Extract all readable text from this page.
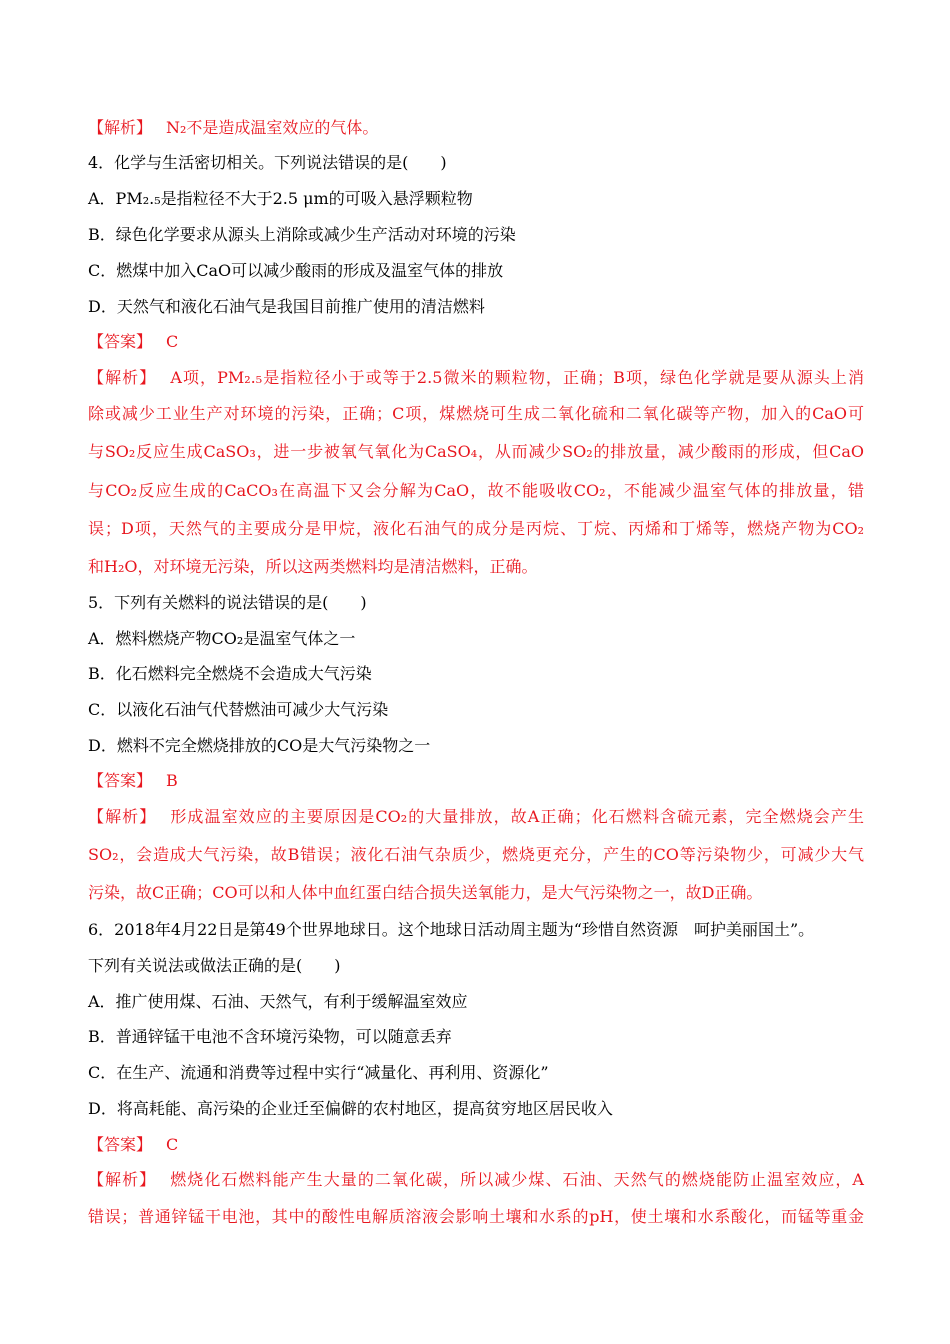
【解析】 N₂不是造成温室效应的气体。
4．化学与生活密切相关。下列说法错误的是(　　)
A．PM₂.₅是指粒径不大于2.5 μm的可吸入悬浮颗粒物
B．绿色化学要求从源头上消除或减少生产活动对环境的污染
C．燃煤中加入CaO可以减少酸雨的形成及温室气体的排放
D．天然气和液化石油气是我国目前推广使用的清洁燃料
【答案】 C
【解析】 A项，PM₂.₅是指粒径小于或等于2.5微米的颗粒物，正确；B项，绿色化学就是要从源头上消
除或减少工业生产对环境的污染，正确；C项，煤燃烧可生成二氧化硫和二氧化碳等产物，加入的CaO可
与SO₂反应生成CaSO₃，进一步被氧气氧化为CaSO₄，从而减少SO₂的排放量，减少酸雨的形成，但CaO
与CO₂反应生成的CaCO₃在高温下又会分解为CaO，故不能吸收CO₂，不能减少温室气体的排放量，错
误；D项，天然气的主要成分是甲烷，液化石油气的成分是丙烷、丁烷、丙烯和丁烯等，燃烧产物为CO₂
和H₂O，对环境无污染，所以这两类燃料均是清洁燃料，正确。
5．下列有关燃料的说法错误的是(　　)
A．燃料燃烧产物CO₂是温室气体之一
B．化石燃料完全燃烧不会造成大气污染
C．以液化石油气代替燃油可减少大气污染
D．燃料不完全燃烧排放的CO是大气污染物之一
【答案】 B
【解析】 形成温室效应的主要原因是CO₂的大量排放，故A正确；化石燃料含硫元素，完全燃烧会产生
SO₂，会造成大气污染，故B错误；液化石油气杂质少，燃烧更充分，产生的CO等污染物少，可减少大气
污染，故C正确；CO可以和人体中血红蛋白结合损失送氧能力，是大气污染物之一，故D正确。
6．2018年4月22日是第49个世界地球日。这个地球日活动周主题为“珍惜自然资源　呵护美丽国土”。
下列有关说法或做法正确的是(　　)
A．推广使用煤、石油、天然气，有利于缓解温室效应
B．普通锌锰干电池不含环境污染物，可以随意丢弃
C．在生产、流通和消费等过程中实行“减量化、再利用、资源化”
D．将高耗能、高污染的企业迁至偏僻的农村地区，提高贫穷地区居民收入
【答案】 C
【解析】 燃烧化石燃料能产生大量的二氧化碳，所以减少煤、石油、天然气的燃烧能防止温室效应，A
错误；普通锌锰干电池，其中的酸性电解质溶液会影响土壤和水系的pH，使土壤和水系酸化，而锰等重金
